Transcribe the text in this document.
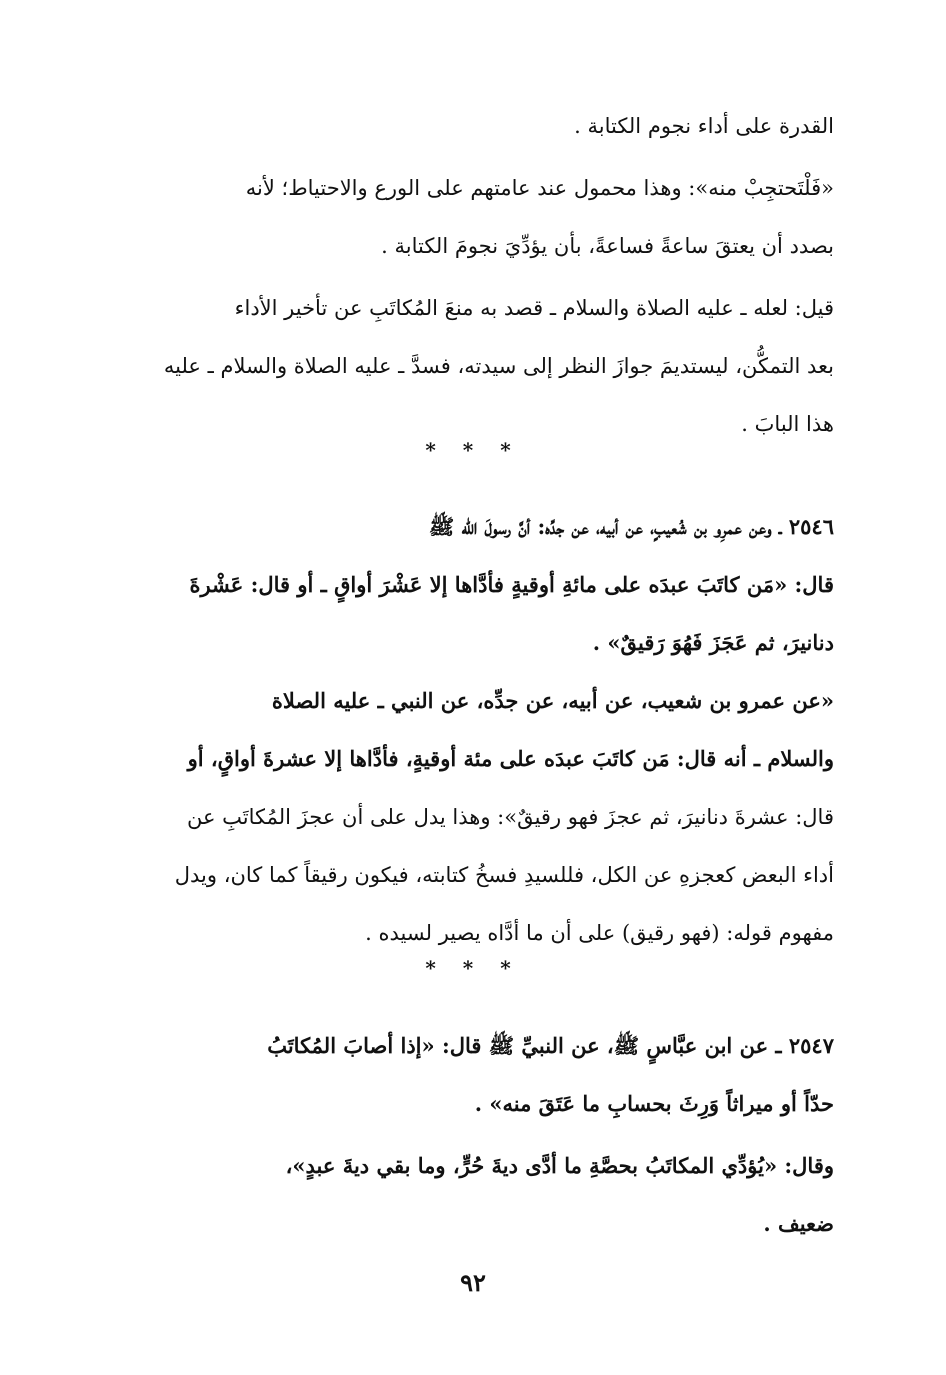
القدرة على أداء نجوم الكتابة .
«فَلْتَحتجِبْ منه»: وهذا محمول عند عامتهم على الورع والاحتياط؛ لأنه
بصدد أن يعتقَ ساعةً فساعةً، بأن يؤدِّيَ نجومَ الكتابة .
قيل: لعله ـ عليه الصلاة والسلام ـ قصد به منعَ المُكاتَبِ عن تأخير الأداء
بعد التمكُّن، ليستديمَ جوازَ النظر إلى سيدته، فسدَّ ـ عليه الصلاة والسلام ـ عليه
هذا البابَ .
* * *
٢٥٤٦ ـ وعن عمرِو بن شُعيبٍ، عن أبيه، عن جدِّه: أنَّ رسولَ الله ﷺ
قال: «مَن كاتَبَ عبدَه على مائةِ أوقيةٍ فأدَّاها إلا عَشْرَ أواقٍ ـ أو قال: عَشْرةَ
دنانيرَ، ثم عَجَزَ فَهُوَ رَقيقٌ» .
«عن عمرو بن شعيب، عن أبيه، عن جدِّه، عن النبي ـ عليه الصلاة
والسلام ـ أنه قال: مَن كاتَبَ عبدَه على مئة أوقيةٍ، فأدَّاها إلا عشرةَ أواقٍ، أو
قال: عشرةَ دنانيرَ، ثم عجزَ فهو رقيقٌ»: وهذا يدل على أن عجزَ المُكاتَبِ عن
أداء البعض كعجزهِ عن الكل، فللسيدِ فسخُ كتابته، فيكون رقيقاً كما كان، ويدل
مفهوم قوله: (فهو رقيق) على أن ما أدَّاه يصير لسيده .
* * *
٢٥٤٧ ـ عن ابن عبَّاسٍ ﷺ، عن النبيِّ ﷺ قال: «إذا أصابَ المُكاتَبُ
حدّاً أو ميراثاً وَرِثَ بحسابِ ما عَتَقَ منه» .
وقال: «يُؤدِّي المكاتَبُ بحصَّةِ ما أدَّى ديةَ حُرٍّ، وما بقي ديةَ عبدٍ»،
ضعيف .
٩٢
